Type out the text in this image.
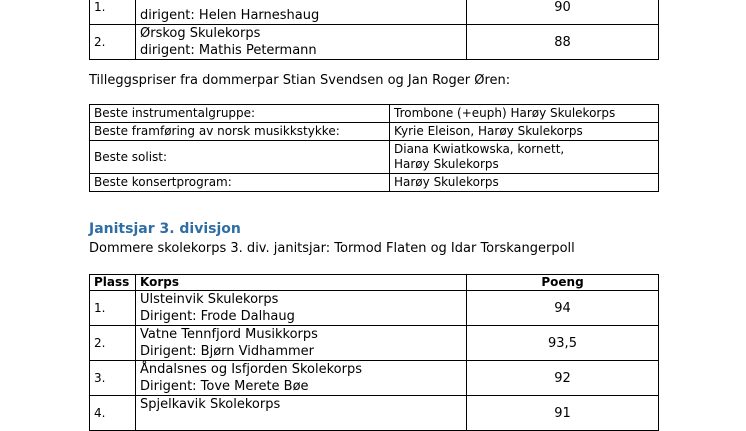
1.	dirigent: Helen Harneshaug	90
2.	Ørskog Skulekorps
dirigent: Mathis Petermann	88
Tilleggspriser fra dommerpar Stian Svendsen og Jan Roger Øren:
Beste instrumentalgruppe:	Trombone (+euph) Harøy Skulekorps

Beste framføring av norsk musikkstykke:	Kyrie Eleison, Harøy Skulekorps

Beste solist:	Diana Kwiatkowska, kornett,
Harøy Skulekorps

Beste konsertprogram:	Harøy Skulekorps
Janitsjar 3. divisjon
Dommere skolekorps 3. div. janitsjar: Tormod Flaten og Idar Torskangerpoll
Plass	Korps	Poeng
1.	Ulsteinvik Skulekorps
Dirigent: Frode Dalhaug	94
2.	Vatne Tennfjord Musikkorps
Dirigent: Bjørn Vidhammer	93,5
3.	Åndalsnes og Isfjorden Skolekorps
Dirigent: Tove Merete Bøe	92
4.	Spjelkavik Skolekorps	91
